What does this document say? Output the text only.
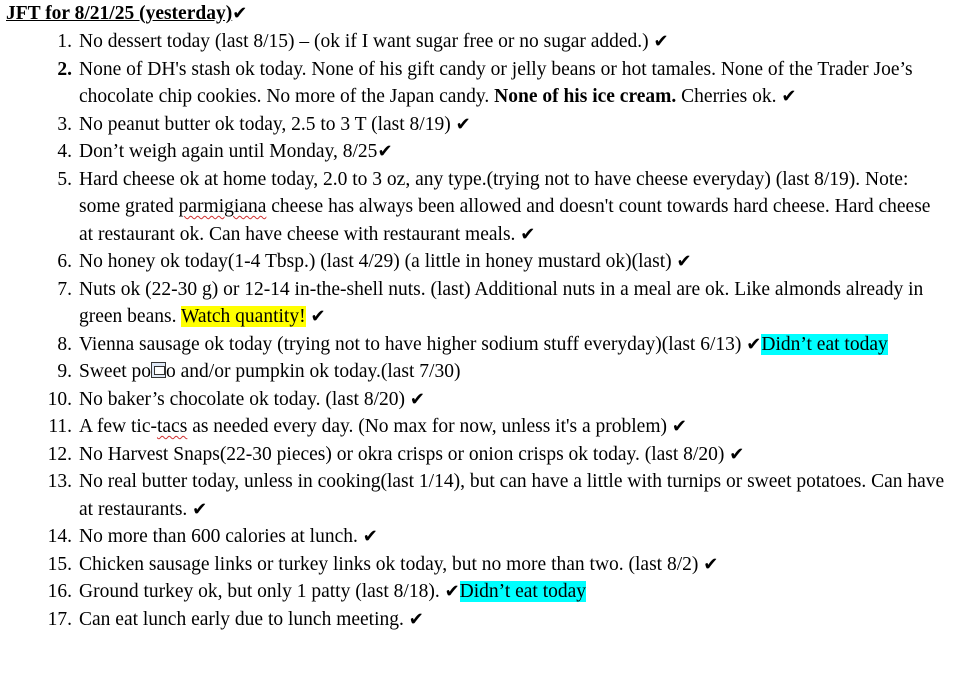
JFT for 8/21/25 (yesterday)✔

1. No dessert today (last 8/15) – (ok if I want sugar free or no sugar added.) ✔
2. None of DH's stash ok today. None of his gift candy or jelly beans or hot tamales. None of the Trader Joe’s chocolate chip cookies. No more of the Japan candy. None of his ice cream. Cherries ok. ✔
3. No peanut butter ok today, 2.5 to 3 T (last 8/19) ✔
4. Don’t weigh again until Monday, 8/25✔
5. Hard cheese ok at home today, 2.0 to 3 oz, any type.(trying not to have cheese everyday) (last 8/19). Note: some grated parmigiana cheese has always been allowed and doesn't count towards hard cheese. Hard cheese at restaurant ok. Can have cheese with restaurant meals. ✔
6. No honey ok today(1-4 Tbsp.) (last 4/29) (a little in honey mustard ok)(last) ✔
7. Nuts ok (22-30 g) or 12-14 in-the-shell nuts. (last) Additional nuts in a meal are ok. Like almonds already in green beans. Watch quantity! ✔
8. Vienna sausage ok today (trying not to have higher sodium stuff everyday)(last 6/13) ✔Didn’t eat today
9. Sweet po o and/or pumpkin ok today.(last 7/30)
10. No baker’s chocolate ok today. (last 8/20) ✔
11. A few tic-tacs as needed every day. (No max for now, unless it's a problem) ✔
12. No Harvest Snaps(22-30 pieces) or okra crisps or onion crisps ok today. (last 8/20) ✔
13. No real butter today, unless in cooking(last 1/14), but can have a little with turnips or sweet potatoes. Can have at restaurants. ✔
14. No more than 600 calories at lunch. ✔
15. Chicken sausage links or turkey links ok today, but no more than two. (last 8/2) ✔
16. Ground turkey ok, but only 1 patty (last 8/18). ✔Didn’t eat today
17. Can eat lunch early due to lunch meeting. ✔
